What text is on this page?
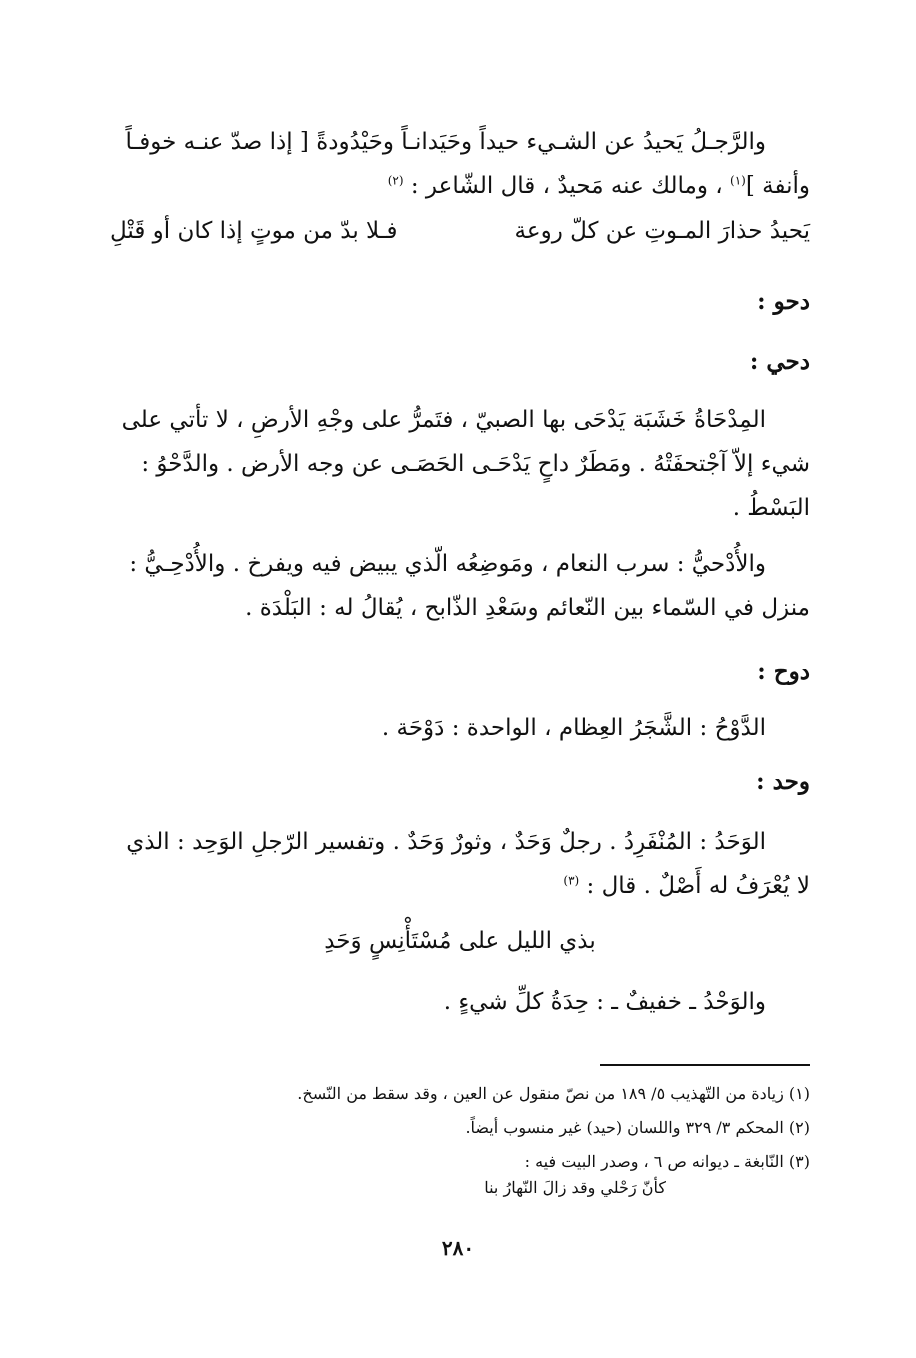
والرَّجـلُ يَحيدُ عن الشـيء حيداً وحَيَدانـاً وحَيْدُودةً [ إذا صدّ عنـه خوفـاً
وأنفة ]$^{(١)}$ ، ومالك عنه مَحيدٌ ، قال الشّاعر : $^{(٢)}$
يَحيدُ حذارَ المـوتِ عن كلّ روعة
فـلا بدّ من موتٍ إذا كان أو قَتْلِ
دحو :
دحي :
المِدْحَاةُ خَشَبَة يَدْحَى بها الصبيّ ، فتَمرُّ على وجْهِ الأرضِ ، لا تأتي على
شيء إلاّ آجْتحفَتْهُ . ومَطَرٌ داحٍ يَدْحَـى الحَصَـى عن وجه الأرض . والدَّحْوُ :
البَسْطُ .
والأُدْحيُّ : سرب النعام ، ومَوضِعُه الّذي يبيض فيه ويفرخ . والأُدْحِـيُّ :
منزل في السّماء بين النّعائم وسَعْدِ الذّابح ، يُقالُ له : البَلْدَة .
دوح :
الدَّوْحُ : الشَّجَرُ العِظام ، الواحدة : دَوْحَة .
وحد :
الوَحَدُ : المُنْفَرِدُ . رجلٌ وَحَدٌ ، وثورٌ وَحَدٌ . وتفسير الرّجلِ الوَحِد : الذي
لا يُعْرَفُ له أَصْلٌ . قال : $^{(٣)}$
بذي الليل على مُسْتَأْنِسٍ وَحَدِ
والوَحْدُ ـ خفيفٌ ـ : حِدَةُ كلِّ شيءٍ .
(١) زيادة من التّهذيب ٥/ ١٨٩ من نصّ منقول عن العين ، وقد سقط من النّسخ.
(٢) المحكم ٣/ ٣٢٩ واللسان (حيد) غير منسوب أيضاً.
(٣) النّابغة ـ ديوانه ص ٦ ، وصدر البيت فيه :
كأنّ رَحْلي وقد زالَ النّهارُ بنا
٢٨٠
